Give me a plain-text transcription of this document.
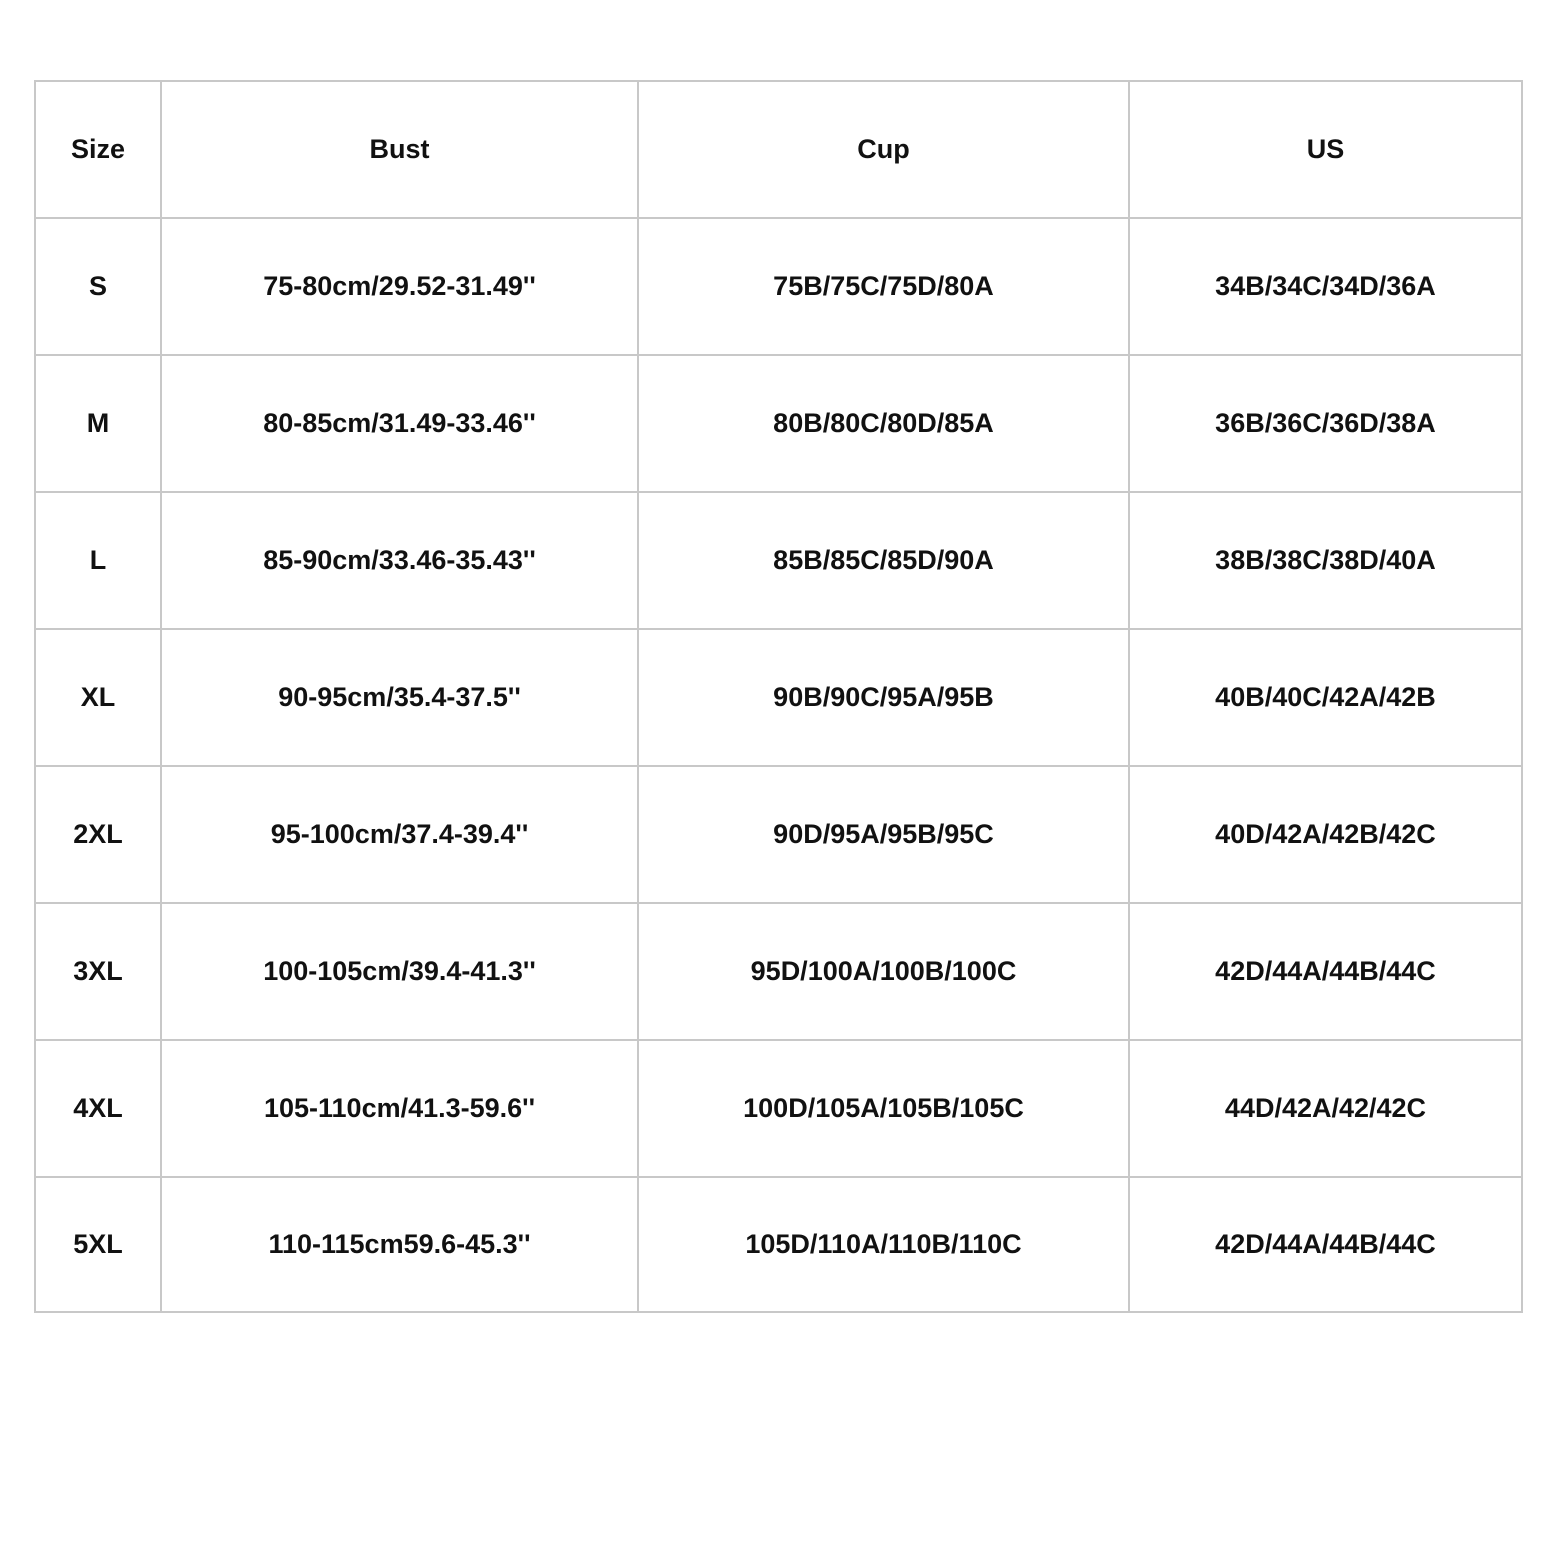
Size	Bust	Cup	US
S	75-80cm/29.52-31.49''	75B/75C/75D/80A	34B/34C/34D/36A
M	80-85cm/31.49-33.46''	80B/80C/80D/85A	36B/36C/36D/38A
L	85-90cm/33.46-35.43''	85B/85C/85D/90A	38B/38C/38D/40A
XL	90-95cm/35.4-37.5''	90B/90C/95A/95B	40B/40C/42A/42B
2XL	95-100cm/37.4-39.4''	90D/95A/95B/95C	40D/42A/42B/42C
3XL	100-105cm/39.4-41.3''	95D/100A/100B/100C	42D/44A/44B/44C
4XL	105-110cm/41.3-59.6''	100D/105A/105B/105C	44D/42A/42/42C
5XL	110-115cm59.6-45.3''	105D/110A/110B/110C	42D/44A/44B/44C
